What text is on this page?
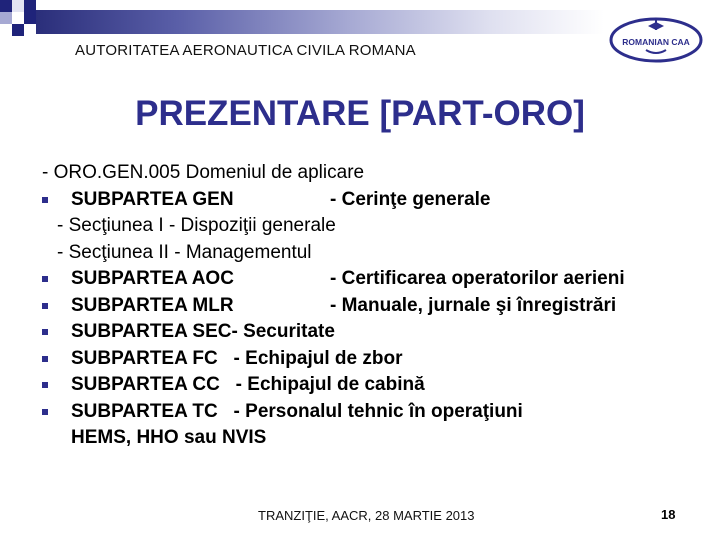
AUTORITATEA AERONAUTICA CIVILA ROMANA	ROMANIAN CAA
PREZENTARE [PART-ORO]
- ORO.GEN.005 Domeniul de aplicare
SUBPARTEA GEN	- Cerinţe generale
- Secţiunea I - Dispoziţii generale
- Secţiunea II - Managementul
SUBPARTEA AOC	- Certificarea operatorilor aerieni
SUBPARTEA MLR	- Manuale, jurnale şi înregistrări
SUBPARTEA SEC- Securitate
SUBPARTEA FC   - Echipajul de zbor
SUBPARTEA CC   - Echipajul de cabină
SUBPARTEA TC   - Personalul tehnic în operaţiuni
HEMS, HHO sau NVIS
TRANZIŢIE, AACR, 28 MARTIE 2013	18
